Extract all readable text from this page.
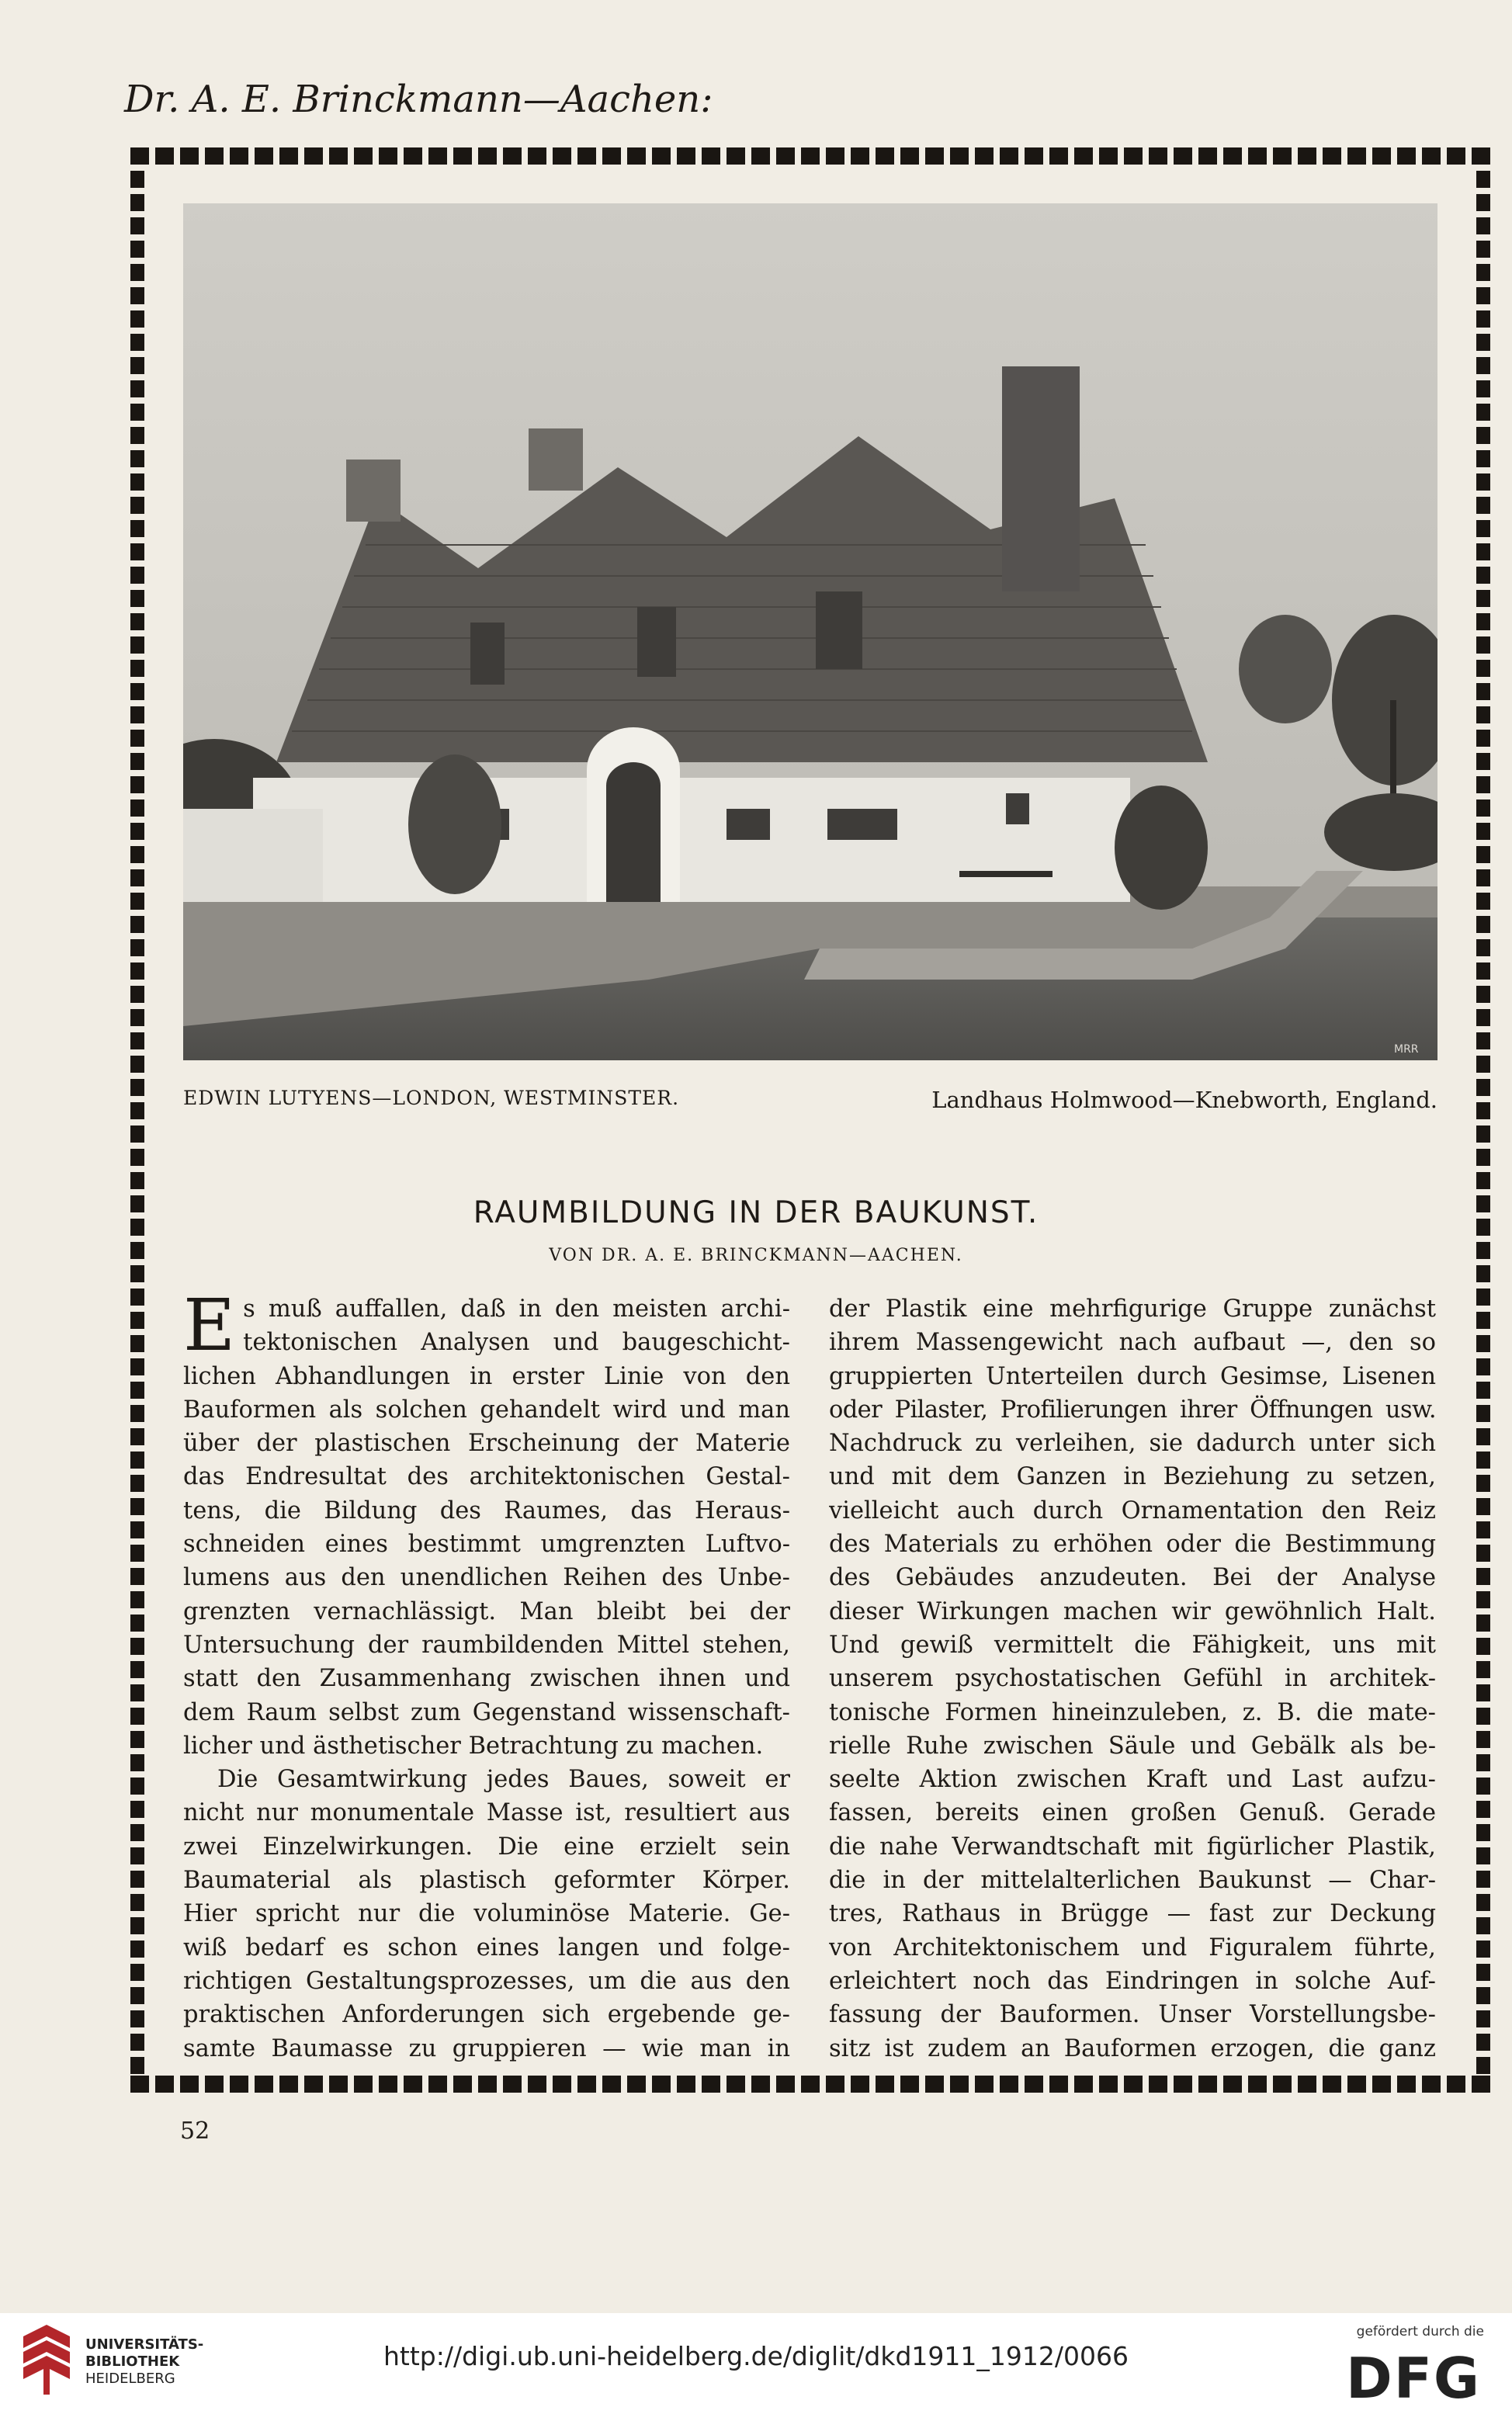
Dr. A. E. Brinckmann—Aachen:
MRR
EDWIN LUTYENS—LONDON, WESTMINSTER.	Landhaus Holmwood—Knebworth, England.
RAUMBILDUNG IN DER BAUKUNST.
VON DR. A. E. BRINCKMANN—AACHEN.
E s muß auffallen, daß in den meisten archi-
tektonischen Analysen und baugeschicht-
lichen Abhandlungen in erster Linie von den
Bauformen als solchen gehandelt wird und man
über der plastischen Erscheinung der Materie
das Endresultat des architektonischen Gestal-
tens, die Bildung des Raumes, das Heraus-
schneiden eines bestimmt umgrenzten Luftvo-
lumens aus den unendlichen Reihen des Unbe-
grenzten vernachlässigt. Man bleibt bei der
Untersuchung der raumbildenden Mittel stehen,
statt den Zusammenhang zwischen ihnen und
dem Raum selbst zum Gegenstand wissenschaft-
licher und ästhetischer Betrachtung zu machen.
Die Gesamtwirkung jedes Baues, soweit er
nicht nur monumentale Masse ist, resultiert aus
zwei Einzelwirkungen. Die eine erzielt sein
Baumaterial als plastisch geformter Körper.
Hier spricht nur die voluminöse Materie. Ge-
wiß bedarf es schon eines langen und folge-
richtigen Gestaltungsprozesses, um die aus den
praktischen Anforderungen sich ergebende ge-
samte Baumasse zu gruppieren — wie man in
der Plastik eine mehrfigurige Gruppe zunächst
ihrem Massengewicht nach aufbaut —, den so
gruppierten Unterteilen durch Gesimse, Lisenen
oder Pilaster, Profilierungen ihrer Öffnungen usw.
Nachdruck zu verleihen, sie dadurch unter sich
und mit dem Ganzen in Beziehung zu setzen,
vielleicht auch durch Ornamentation den Reiz
des Materials zu erhöhen oder die Bestimmung
des Gebäudes anzudeuten. Bei der Analyse
dieser Wirkungen machen wir gewöhnlich Halt.
Und gewiß vermittelt die Fähigkeit, uns mit
unserem psychostatischen Gefühl in architek-
tonische Formen hineinzuleben, z. B. die mate-
rielle Ruhe zwischen Säule und Gebälk als be-
seelte Aktion zwischen Kraft und Last aufzu-
fassen, bereits einen großen Genuß. Gerade
die nahe Verwandtschaft mit figürlicher Plastik,
die in der mittelalterlichen Baukunst — Char-
tres, Rathaus in Brügge — fast zur Deckung
von Architektonischem und Figuralem führte,
erleichtert noch das Eindringen in solche Auf-
fassung der Bauformen. Unser Vorstellungsbe-
sitz ist zudem an Bauformen erzogen, die ganz
52
UNIVERSITÄTS-
BIBLIOTHEK
HEIDELBERG
http://digi.ub.uni-heidelberg.de/diglit/dkd1911_1912/0066
gefördert durch die
DFG
